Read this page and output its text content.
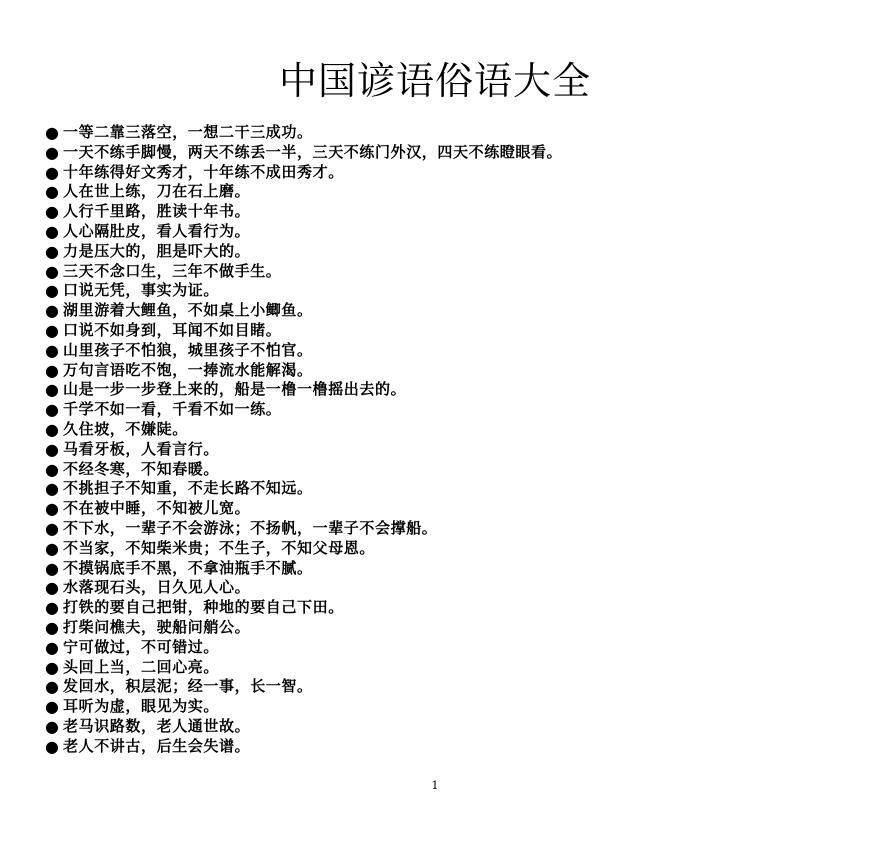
中国谚语俗语大全
● 一等二靠三落空，一想二干三成功。
● 一天不练手脚慢，两天不练丢一半，三天不练门外汉，四天不练瞪眼看。
● 十年练得好文秀才，十年练不成田秀才。
● 人在世上练，刀在石上磨。
● 人行千里路，胜读十年书。
● 人心隔肚皮，看人看行为。
● 力是压大的，胆是吓大的。
● 三天不念口生，三年不做手生。
● 口说无凭，事实为证。
● 湖里游着大鲤鱼，不如桌上小鲫鱼。
● 口说不如身到，耳闻不如目睹。
● 山里孩子不怕狼，城里孩子不怕官。
● 万句言语吃不饱，一捧流水能解渴。
● 山是一步一步登上来的，船是一橹一橹摇出去的。
● 千学不如一看，千看不如一练。
● 久住坡，不嫌陡。
● 马看牙板，人看言行。
● 不经冬寒，不知春暖。
● 不挑担子不知重，不走长路不知远。
● 不在被中睡，不知被儿宽。
● 不下水，一辈子不会游泳；不扬帆，一辈子不会撑船。
● 不当家，不知柴米贵；不生子，不知父母恩。
● 不摸锅底手不黑，不拿油瓶手不腻。
● 水落现石头，日久见人心。
● 打铁的要自己把钳，种地的要自己下田。
● 打柴问樵夫，驶船问艄公。
● 宁可做过，不可错过。
● 头回上当，二回心亮。
● 发回水，积层泥；经一事，长一智。
● 耳听为虚，眼见为实。
● 老马识路数，老人通世故。
● 老人不讲古，后生会失谱。
1
